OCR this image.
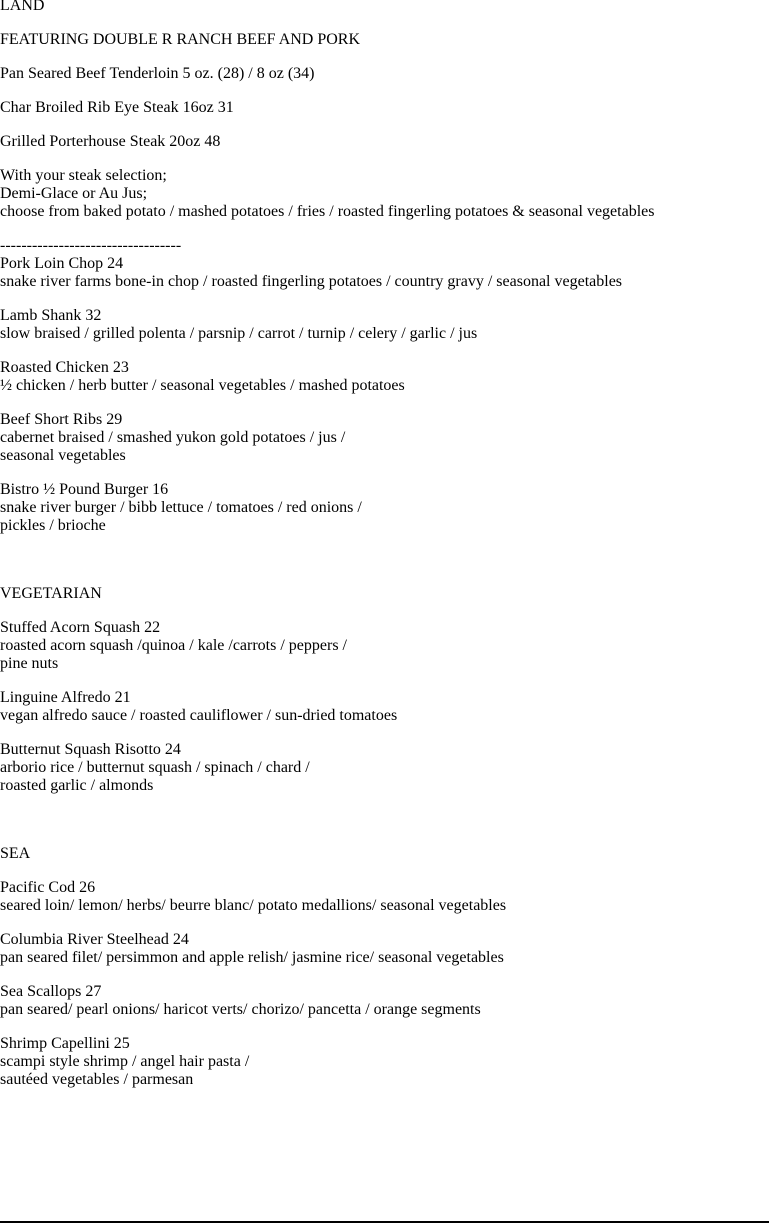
LAND
FEATURING DOUBLE R RANCH BEEF AND PORK
Pan Seared Beef Tenderloin 5 oz. (28) / 8 oz (34)
Char Broiled Rib Eye Steak 16oz 31
Grilled Porterhouse Steak 20oz 48
With your steak selection;
Demi-Glace or Au Jus;
choose from baked potato / mashed potatoes / fries / roasted fingerling potatoes & seasonal vegetables
----------------------------------
Pork Loin Chop 24
snake river farms bone-in chop / roasted fingerling potatoes / country gravy / seasonal vegetables
Lamb Shank 32
slow braised / grilled polenta / parsnip / carrot / turnip / celery / garlic / jus
Roasted Chicken 23
½ chicken / herb butter / seasonal vegetables / mashed potatoes
Beef Short Ribs 29
cabernet braised / smashed yukon gold potatoes / jus /
seasonal vegetables
Bistro ½ Pound Burger 16
snake river burger / bibb lettuce / tomatoes / red onions /
pickles / brioche
VEGETARIAN
Stuffed Acorn Squash 22
roasted acorn squash /quinoa / kale /carrots / peppers /
pine nuts
Linguine Alfredo 21
vegan alfredo sauce / roasted cauliflower / sun-dried tomatoes
Butternut Squash Risotto 24
arborio rice / butternut squash / spinach / chard /
roasted garlic / almonds
SEA
Pacific Cod 26
seared loin/ lemon/ herbs/ beurre blanc/ potato medallions/ seasonal vegetables
Columbia River Steelhead 24
pan seared filet/ persimmon and apple relish/ jasmine rice/ seasonal vegetables
Sea Scallops 27
pan seared/ pearl onions/ haricot verts/ chorizo/ pancetta / orange segments
Shrimp Capellini 25
scampi style shrimp / angel hair pasta /
sautéed vegetables / parmesan
